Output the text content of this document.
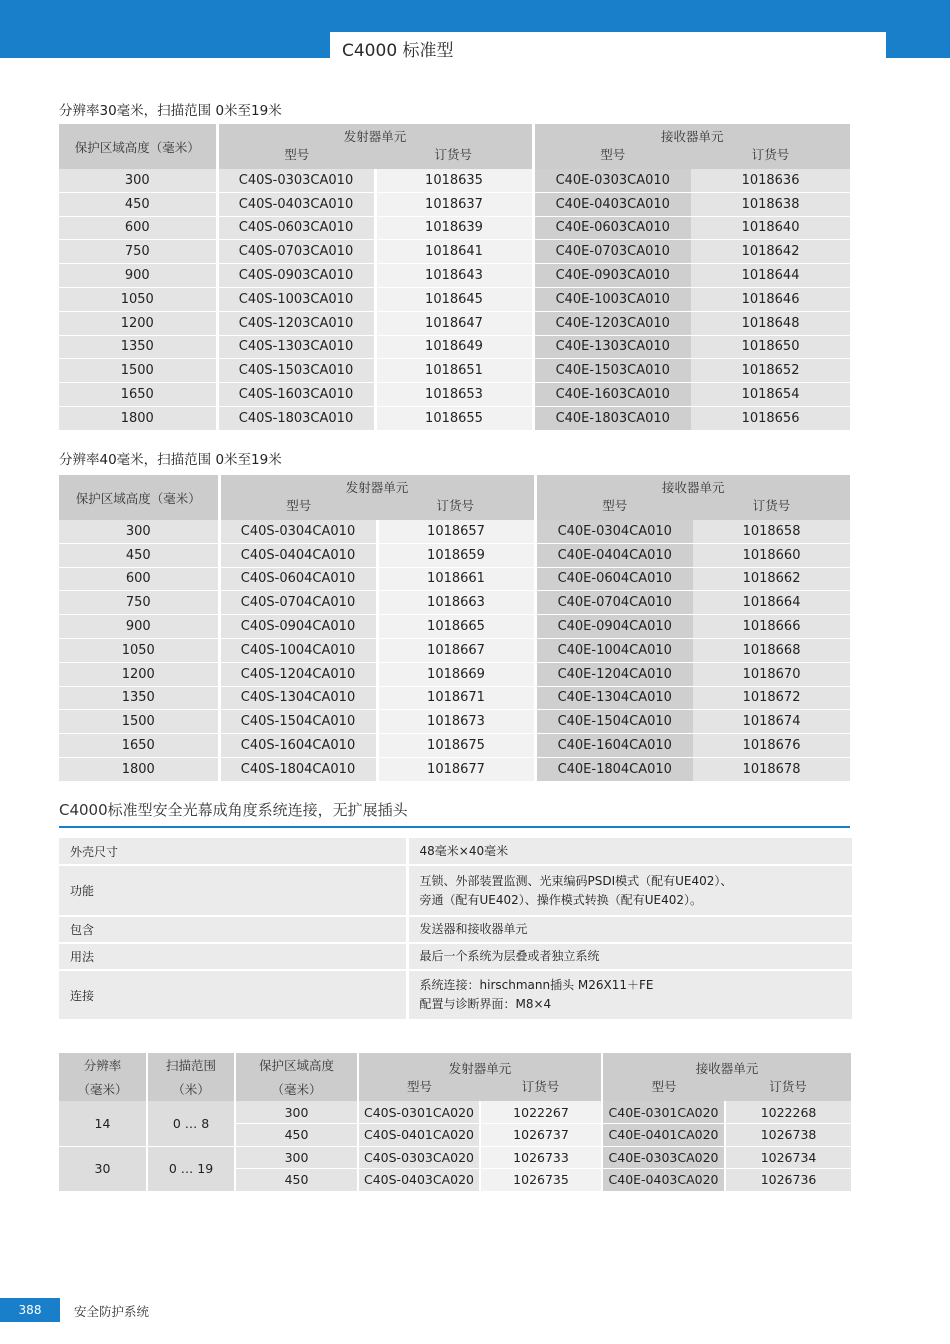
C4000 标准型
分辨率30毫米，扫描范围 0米至19米
保护区域高度（毫米）	发射器单元		接收器单元	
	型号	订货号	型号	订货号
300	C40S-0303CA010	1018635	C40E-0303CA010	1018636
450	C40S-0403CA010	1018637	C40E-0403CA010	1018638
600	C40S-0603CA010	1018639	C40E-0603CA010	1018640
750	C40S-0703CA010	1018641	C40E-0703CA010	1018642
900	C40S-0903CA010	1018643	C40E-0903CA010	1018644
1050	C40S-1003CA010	1018645	C40E-1003CA010	1018646
1200	C40S-1203CA010	1018647	C40E-1203CA010	1018648
1350	C40S-1303CA010	1018649	C40E-1303CA010	1018650
1500	C40S-1503CA010	1018651	C40E-1503CA010	1018652
1650	C40S-1603CA010	1018653	C40E-1603CA010	1018654
1800	C40S-1803CA010	1018655	C40E-1803CA010	1018656
分辨率40毫米，扫描范围 0米至19米
保护区域高度（毫米）	发射器单元		接收器单元	
	型号	订货号	型号	订货号
300	C40S-0304CA010	1018657	C40E-0304CA010	1018658
450	C40S-0404CA010	1018659	C40E-0404CA010	1018660
600	C40S-0604CA010	1018661	C40E-0604CA010	1018662
750	C40S-0704CA010	1018663	C40E-0704CA010	1018664
900	C40S-0904CA010	1018665	C40E-0904CA010	1018666
1050	C40S-1004CA010	1018667	C40E-1004CA010	1018668
1200	C40S-1204CA010	1018669	C40E-1204CA010	1018670
1350	C40S-1304CA010	1018671	C40E-1304CA010	1018672
1500	C40S-1504CA010	1018673	C40E-1504CA010	1018674
1650	C40S-1604CA010	1018675	C40E-1604CA010	1018676
1800	C40S-1804CA010	1018677	C40E-1804CA010	1018678
C4000标准型安全光幕成角度系统连接，无扩展插头
外壳尺寸	48毫米×40毫米

功能	互锁、外部装置监测、光束编码PSDI模式（配有UE402）、
旁通（配有UE402）、操作模式转换（配有UE402）。

包含	发送器和接收器单元

用法	最后一个系统为层叠或者独立系统

连接	系统连接：hirschmann插头 M26X11＋FE
配置与诊断界面：M8×4
分辨率	扫描范围	保护区域高度	发射器单元		接收器单元	
（毫米）	（米）	（毫米）	型号	订货号	型号	订货号
14	0 … 8	300	C40S-0301CA020	1022267	C40E-0301CA020	1022268
		450	C40S-0401CA020	1026737	C40E-0401CA020	1026738
30	0 … 19	300	C40S-0303CA020	1026733	C40E-0303CA020	1026734
		450	C40S-0403CA020	1026735	C40E-0403CA020	1026736
388	安全防护系统
